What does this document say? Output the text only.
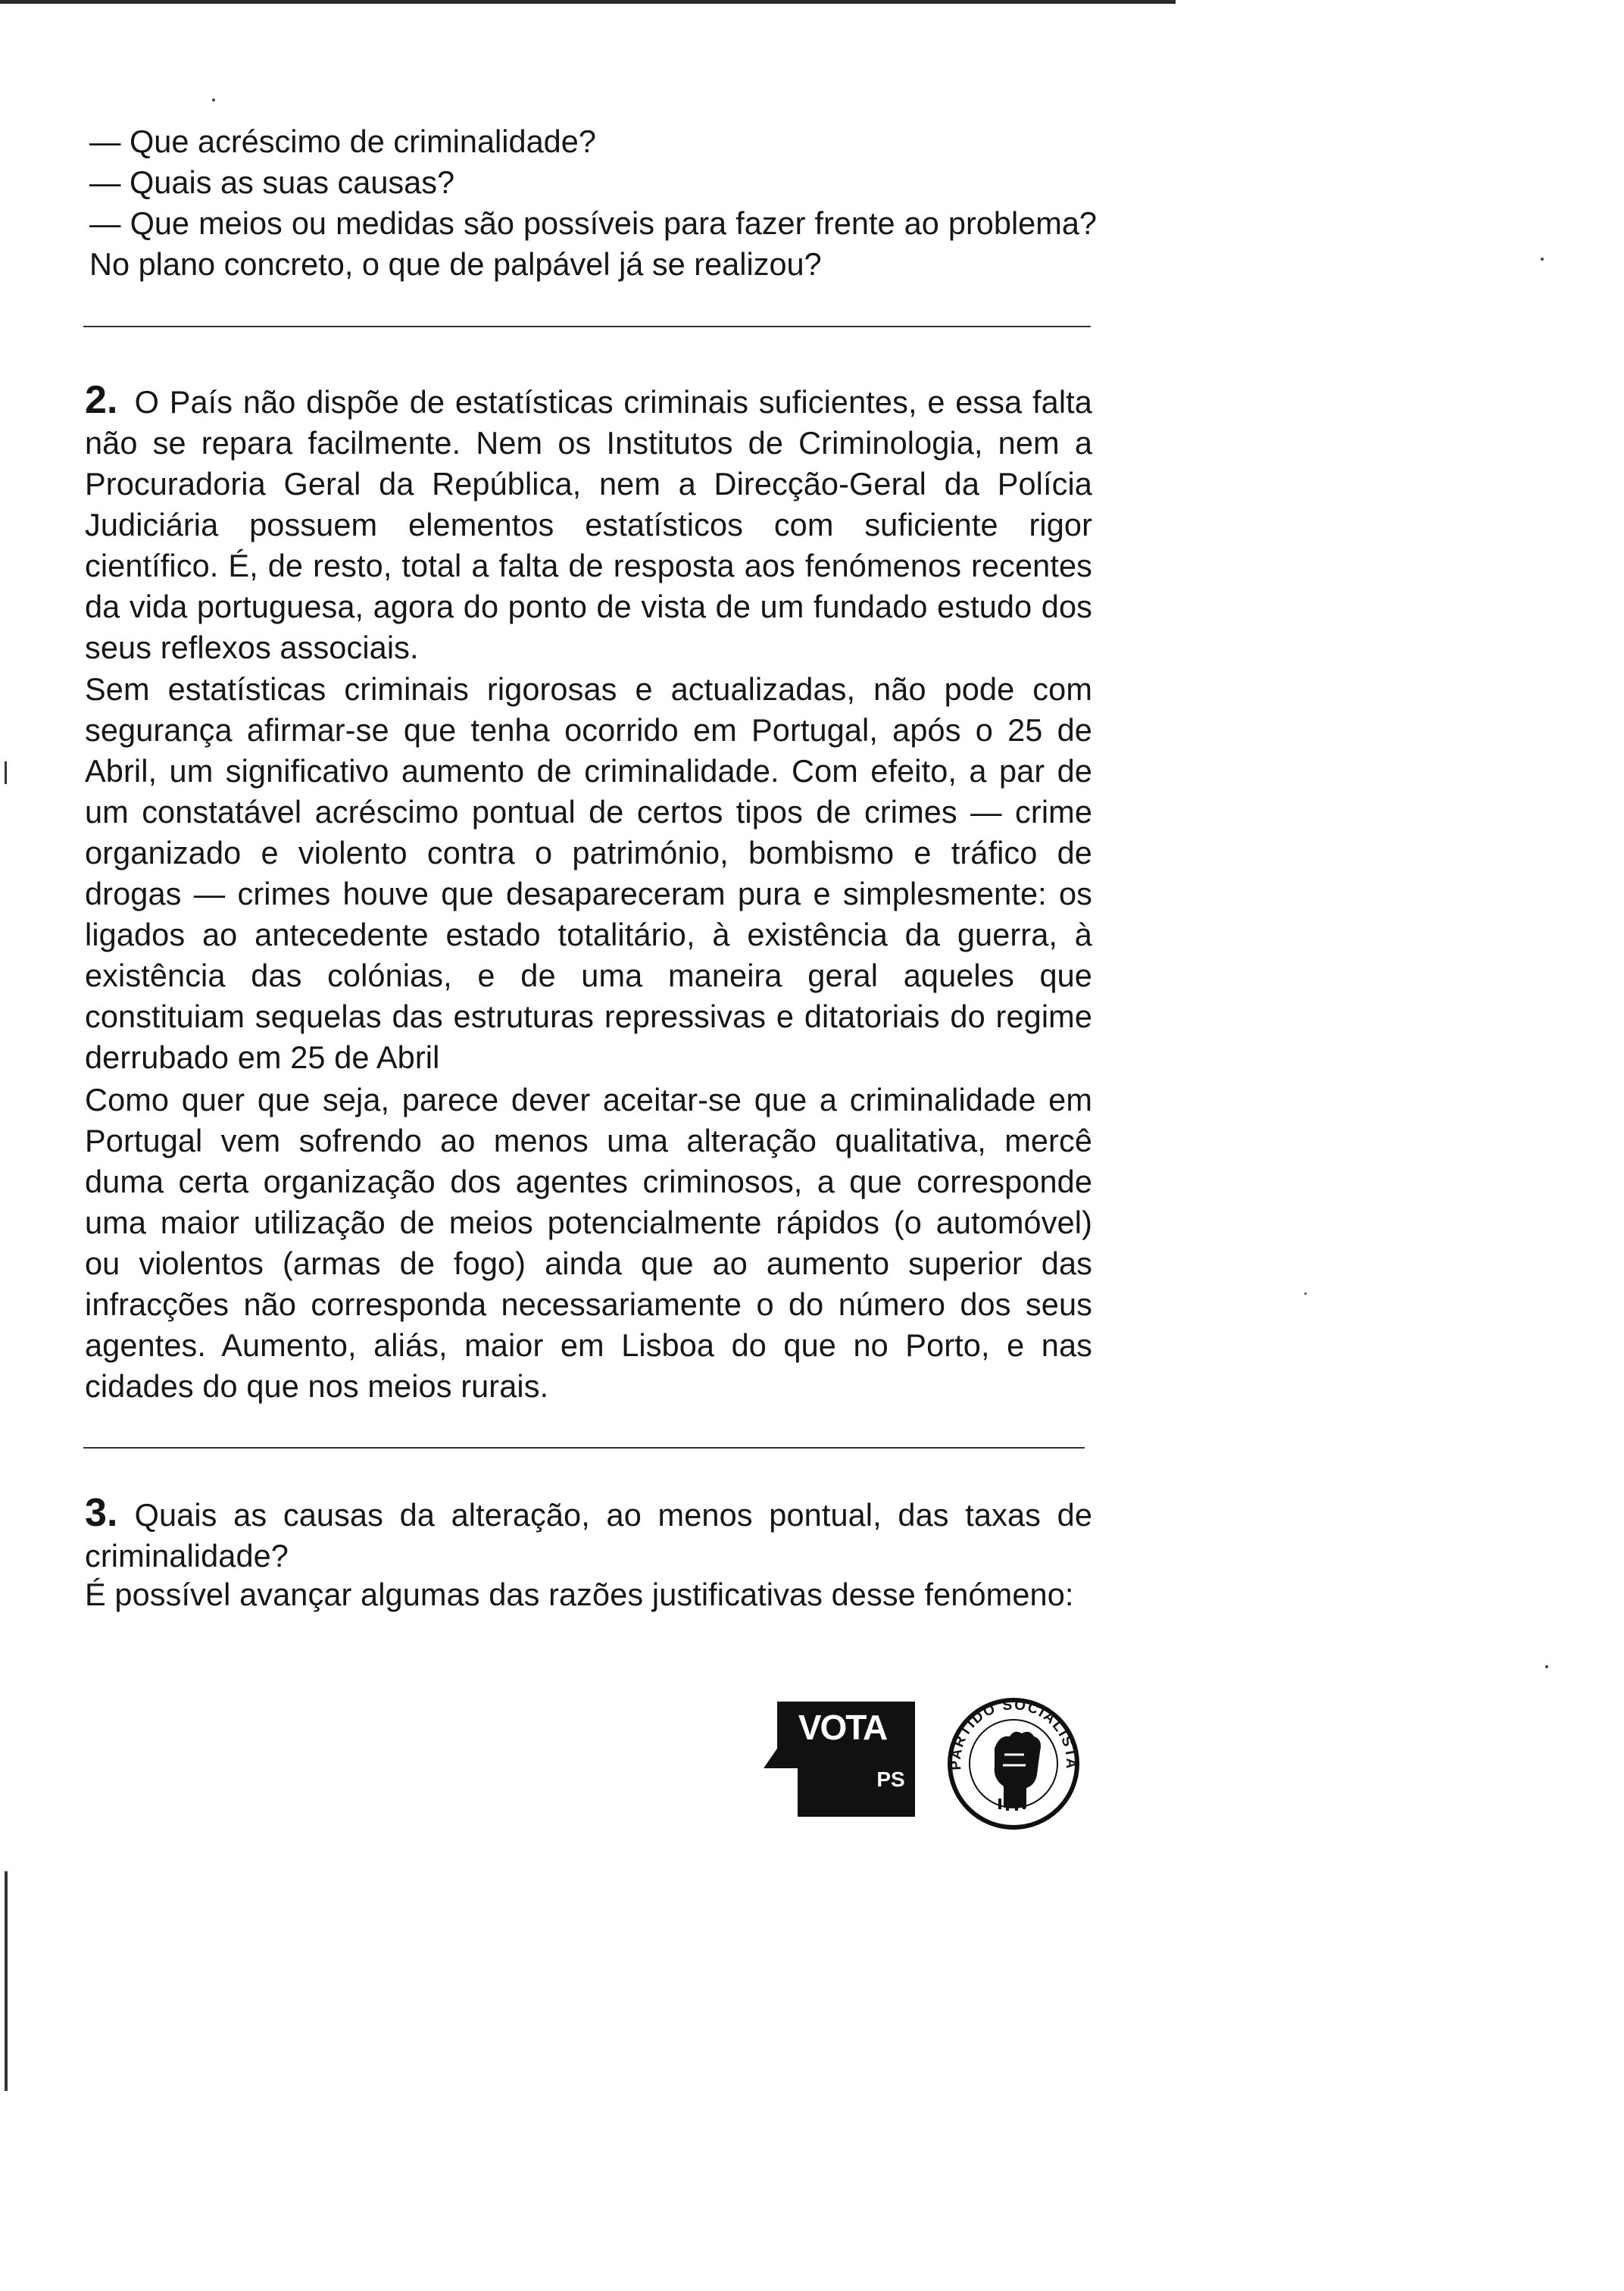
— Que acréscimo de criminalidade?
— Quais as suas causas?
— Que meios ou medidas são possíveis para fazer frente ao problema? No plano concreto, o que de palpável já se realizou?

2. O País não dispõe de estatísticas criminais suficientes, e essa falta não se repara facilmente. Nem os Institutos de Criminologia, nem a Procuradoria Geral da República, nem a Direcção-Geral da Polícia Judiciária possuem elementos estatísticos com suficiente rigor científico. É, de resto, total a falta de resposta aos fenómenos recentes da vida portuguesa, agora do ponto de vista de um fundado estudo dos seus reflexos associais.

Sem estatísticas criminais rigorosas e actualizadas, não pode com segurança afirmar-se que tenha ocorrido em Portugal, após o 25 de Abril, um significativo aumento de criminalidade. Com efeito, a par de um constatável acréscimo pontual de certos tipos de crimes — crime organizado e violento contra o património, bombismo e tráfico de drogas — crimes houve que desapareceram pura e simplesmente: os ligados ao antecedente estado totalitário, à existência da guerra, à existência das colónias, e de uma maneira geral aqueles que constituiam sequelas das estruturas repressivas e ditatoriais do regime derrubado em 25 de Abril

Como quer que seja, parece dever aceitar-se que a criminalidade em Portugal vem sofrendo ao menos uma alteração qualitativa, mercê duma certa organização dos agentes criminosos, a que corresponde uma maior utilização de meios potencialmente rápidos (o automóvel) ou violentos (armas de fogo) ainda que ao aumento superior das infracções não corresponda necessariamente o do número dos seus agentes. Aumento, aliás, maior em Lisboa do que no Porto, e nas cidades do que nos meios rurais.

3. Quais as causas da alteração, ao menos pontual, das taxas de criminalidade?

É possível avançar algumas das razões justificativas desse fenómeno:

VOTA
PS
PARTIDO SOCIALISTA
